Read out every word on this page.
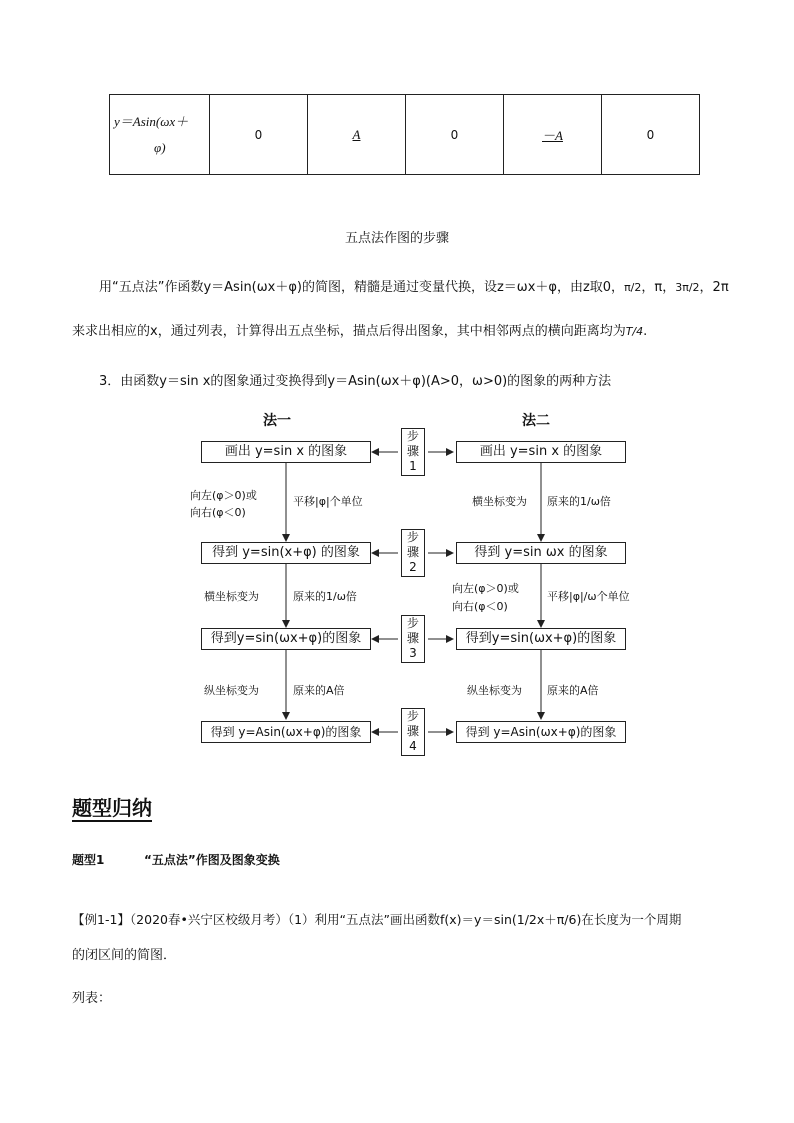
y＝Asin(ωx＋
φ)
	0	A	0	－A	0
五点法作图的步骤
用“五点法”作函数y＝Asin(ωx＋φ)的简图，精髓是通过变量代换，设z＝ωx＋φ，由z取0，π/2，π，3π/2，2π
来求出相应的x，通过列表，计算得出五点坐标，描点后得出图象，其中相邻两点的横向距离均为T/4.
3．由函数y＝sin x的图象通过变换得到y＝Asin(ωx＋φ)(A>0，ω>0)的图象的两种方法
法一	法二
画出 y=sin x 的图象
得到 y=sin(x+φ) 的图象
得到y=sin(ωx+φ)的图象
得到 y=Asin(ωx+φ)的图象
画出 y=sin x 的图象
得到 y=sin ωx 的图象
得到y=sin(ωx+φ)的图象
得到 y=Asin(ωx+φ)的图象
步
骤
1
步
骤
2
步
骤
3
步
骤
4
向左(φ＞0)或
向右(φ＜0)
平移|φ|个单位
横坐标变为	原来的1/ω倍
纵坐标变为	原来的A倍
横坐标变为 原来的1/ω倍
向左(φ＞0)或
向右(φ＜0)
平移|φ|/ω个单位
纵坐标变为 原来的A倍
题型归纳
题型1	“五点法”作图及图象变换
【例1-1】（2020春•兴宁区校级月考）（1）利用“五点法”画出函数f(x)＝y＝sin(1/2x＋π/6)在长度为一个周期
的闭区间的简图．
列表：
